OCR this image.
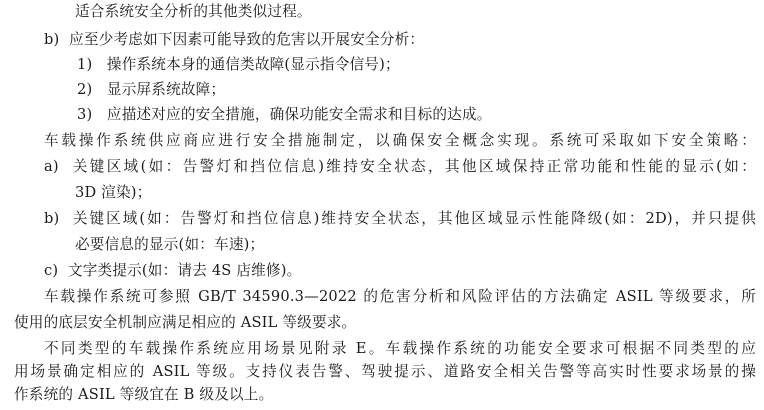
适合系统安全分析的其他类似过程。
b)  应至少考虑如下因素可能导致的危害以开展安全分析：
1)   操作系统本身的通信类故障(显示指令信号)；
2)   显示屏系统故障；
3)   应描述对应的安全措施，确保功能安全需求和目标的达成。
车载操作系统供应商应进行安全措施制定，以确保安全概念实现。系统可采取如下安全策略：
a)  关键区域(如：告警灯和挡位信息)维持安全状态，其他区域保持正常功能和性能的显示(如：
3D 渲染)；
b)  关键区域(如：告警灯和挡位信息)维持安全状态，其他区域显示性能降级(如：2D)，并只提供
必要信息的显示(如：车速)；
c)  文字类提示(如：请去 4S 店维修)。
车载操作系统可参照 GB/T 34590.3—2022 的危害分析和风险评估的方法确定 ASIL 等级要求，所
使用的底层安全机制应满足相应的 ASIL 等级要求。
不同类型的车载操作系统应用场景见附录 E。车载操作系统的功能安全要求可根据不同类型的应
用场景确定相应的 ASIL 等级。支持仪表告警、驾驶提示、道路安全相关告警等高实时性要求场景的操
作系统的 ASIL 等级宜在 B 级及以上。
